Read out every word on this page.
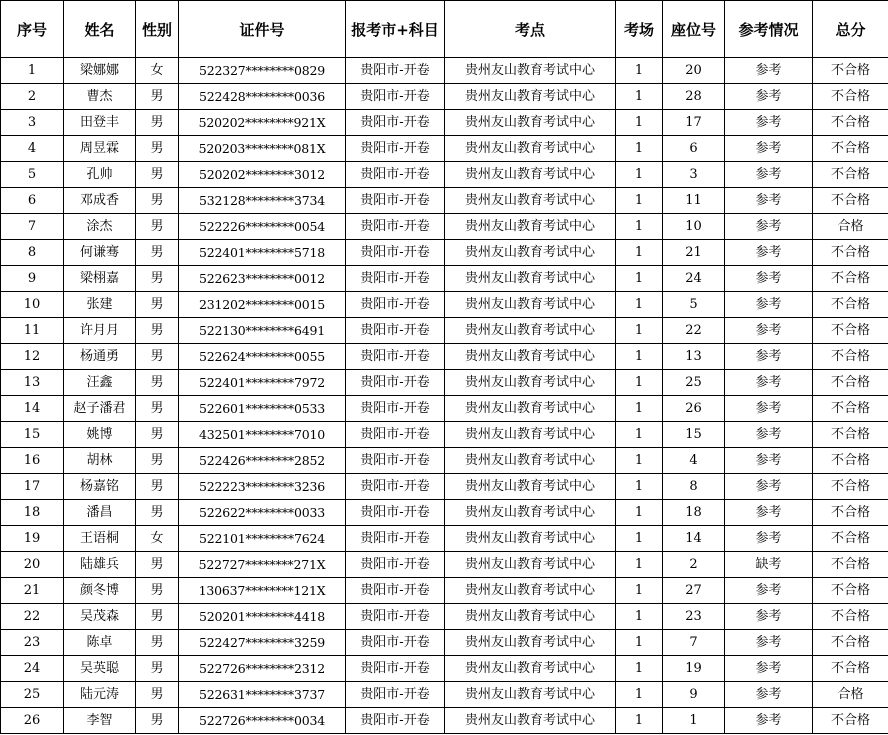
序号	姓名	性别	证件号	报考市+科目	考点	考场	座位号	参考情况	总分
1	梁娜娜	女	522327********0829	贵阳市-开卷	贵州友山教育考试中心	1	20	参考	不合格
2	曹杰	男	522428********0036	贵阳市-开卷	贵州友山教育考试中心	1	28	参考	不合格
3	田登丰	男	520202********921X	贵阳市-开卷	贵州友山教育考试中心	1	17	参考	不合格
4	周昱霖	男	520203********081X	贵阳市-开卷	贵州友山教育考试中心	1	6	参考	不合格
5	孔帅	男	520202********3012	贵阳市-开卷	贵州友山教育考试中心	1	3	参考	不合格
6	邓成香	男	532128********3734	贵阳市-开卷	贵州友山教育考试中心	1	11	参考	不合格
7	涂杰	男	522226********0054	贵阳市-开卷	贵州友山教育考试中心	1	10	参考	合格
8	何谦骞	男	522401********5718	贵阳市-开卷	贵州友山教育考试中心	1	21	参考	不合格
9	梁栩嘉	男	522623********0012	贵阳市-开卷	贵州友山教育考试中心	1	24	参考	不合格
10	张建	男	231202********0015	贵阳市-开卷	贵州友山教育考试中心	1	5	参考	不合格
11	许月月	男	522130********6491	贵阳市-开卷	贵州友山教育考试中心	1	22	参考	不合格
12	杨通勇	男	522624********0055	贵阳市-开卷	贵州友山教育考试中心	1	13	参考	不合格
13	汪鑫	男	522401********7972	贵阳市-开卷	贵州友山教育考试中心	1	25	参考	不合格
14	赵子潘君	男	522601********0533	贵阳市-开卷	贵州友山教育考试中心	1	26	参考	不合格
15	姚博	男	432501********7010	贵阳市-开卷	贵州友山教育考试中心	1	15	参考	不合格
16	胡林	男	522426********2852	贵阳市-开卷	贵州友山教育考试中心	1	4	参考	不合格
17	杨嘉铭	男	522223********3236	贵阳市-开卷	贵州友山教育考试中心	1	8	参考	不合格
18	潘昌	男	522622********0033	贵阳市-开卷	贵州友山教育考试中心	1	18	参考	不合格
19	王语桐	女	522101********7624	贵阳市-开卷	贵州友山教育考试中心	1	14	参考	不合格
20	陆雄兵	男	522727********271X	贵阳市-开卷	贵州友山教育考试中心	1	2	缺考	不合格
21	颜冬博	男	130637********121X	贵阳市-开卷	贵州友山教育考试中心	1	27	参考	不合格
22	吴茂森	男	520201********4418	贵阳市-开卷	贵州友山教育考试中心	1	23	参考	不合格
23	陈卓	男	522427********3259	贵阳市-开卷	贵州友山教育考试中心	1	7	参考	不合格
24	吴英聪	男	522726********2312	贵阳市-开卷	贵州友山教育考试中心	1	19	参考	不合格
25	陆元涛	男	522631********3737	贵阳市-开卷	贵州友山教育考试中心	1	9	参考	合格
26	李智	男	522726********0034	贵阳市-开卷	贵州友山教育考试中心	1	1	参考	不合格
